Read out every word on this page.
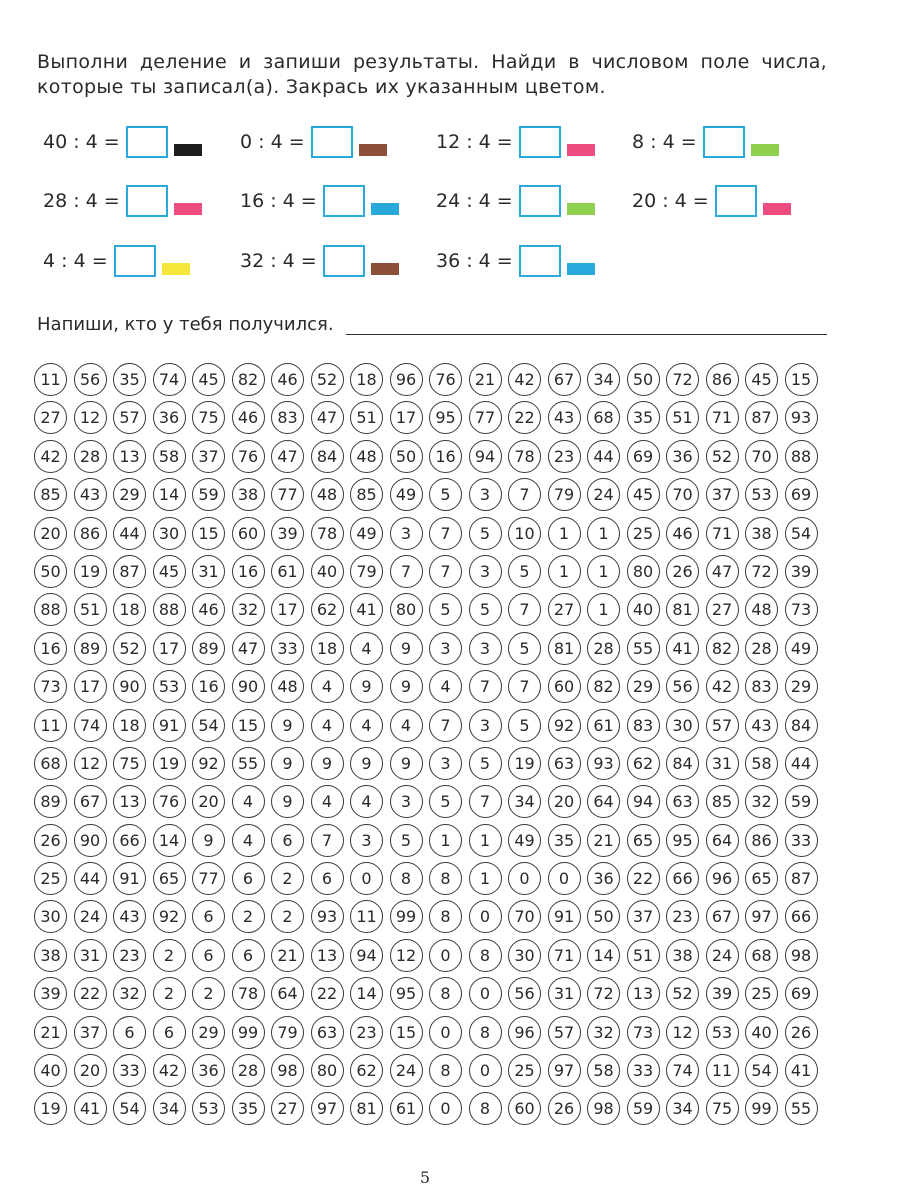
Выполни деление и запиши результаты. Найди в числовом поле числа, которые ты записал(а). Закрась их указанным цветом.
40 : 4 =	0 : 4 =	12 : 4 =	8 : 4 =
28 : 4 =	16 : 4 =	24 : 4 =	20 : 4 =
4 : 4 =	32 : 4 =	36 : 4 =
Напиши, кто у тебя получился.
11	56	35	74	45	82	46	52	18	96	76	21	42	67	34	50	72	86	45	15
27	12	57	36	75	46	83	47	51	17	95	77	22	43	68	35	51	71	87	93
42	28	13	58	37	76	47	84	48	50	16	94	78	23	44	69	36	52	70	88
85	43	29	14	59	38	77	48	85	49	5	3	7	79	24	45	70	37	53	69
20	86	44	30	15	60	39	78	49	3	7	5	10	1	1	25	46	71	38	54
50	19	87	45	31	16	61	40	79	7	7	3	5	1	1	80	26	47	72	39
88	51	18	88	46	32	17	62	41	80	5	5	7	27	1	40	81	27	48	73
16	89	52	17	89	47	33	18	4	9	3	3	5	81	28	55	41	82	28	49
73	17	90	53	16	90	48	4	9	9	4	7	7	60	82	29	56	42	83	29
11	74	18	91	54	15	9	4	4	4	7	3	5	92	61	83	30	57	43	84
68	12	75	19	92	55	9	9	9	9	3	5	19	63	93	62	84	31	58	44
89	67	13	76	20	4	9	4	4	3	5	7	34	20	64	94	63	85	32	59
26	90	66	14	9	4	6	7	3	5	1	1	49	35	21	65	95	64	86	33
25	44	91	65	77	6	2	6	0	8	8	1	0	0	36	22	66	96	65	87
30	24	43	92	6	2	2	93	11	99	8	0	70	91	50	37	23	67	97	66
38	31	23	2	6	6	21	13	94	12	0	8	30	71	14	51	38	24	68	98
39	22	32	2	2	78	64	22	14	95	8	0	56	31	72	13	52	39	25	69
21	37	6	6	29	99	79	63	23	15	0	8	96	57	32	73	12	53	40	26
40	20	33	42	36	28	98	80	62	24	8	0	25	97	58	33	74	11	54	41
19	41	54	34	53	35	27	97	81	61	0	8	60	26	98	59	34	75	99	55
5
